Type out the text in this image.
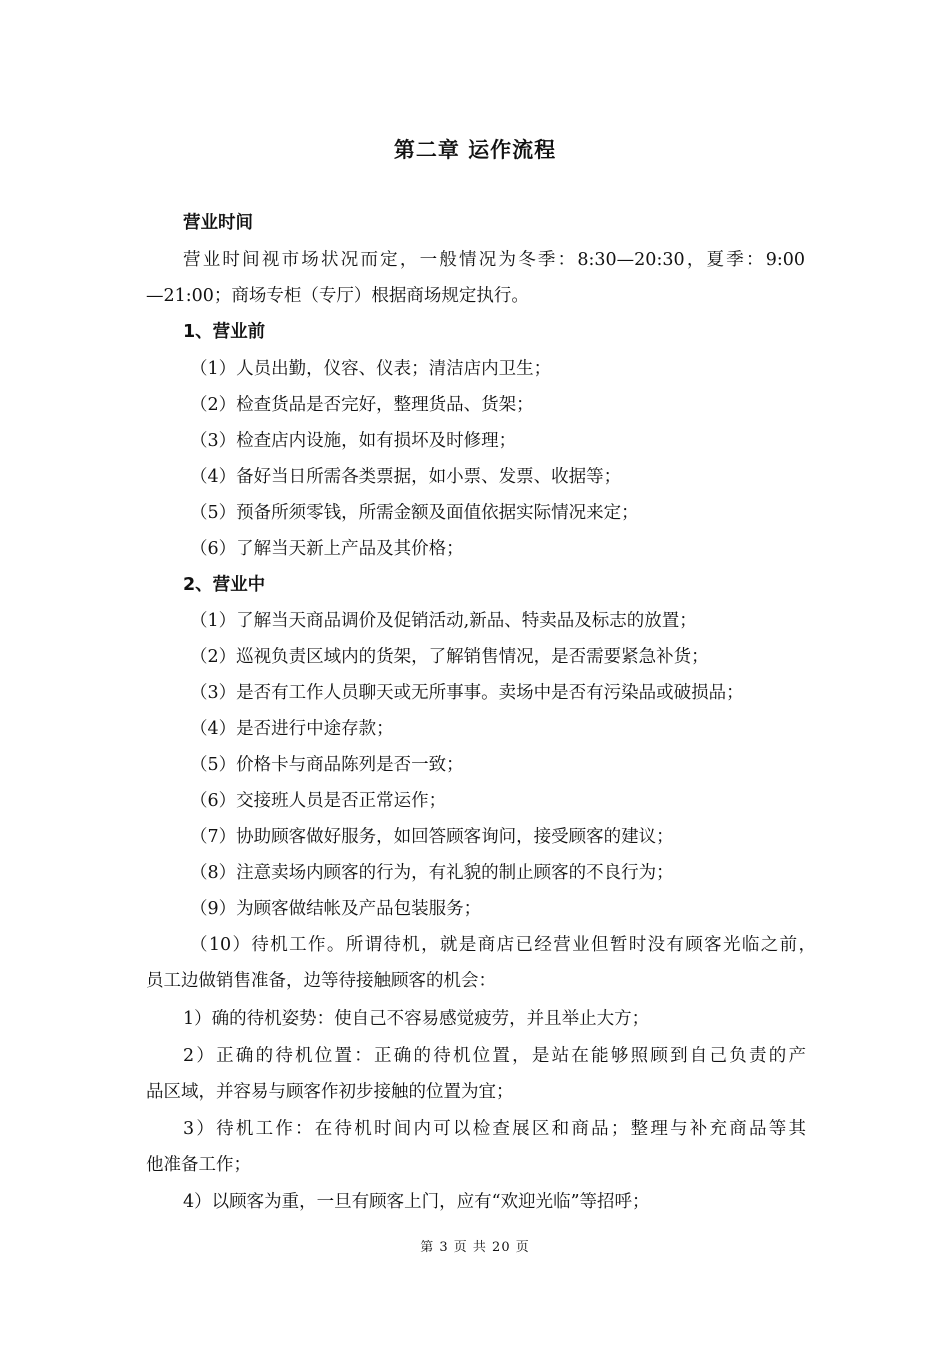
第二章 运作流程
营业时间
营业时间视市场状况而定，一般情况为冬季：8:30—20:30，夏季：9:00
—21:00；商场专柜（专厅）根据商场规定执行。
1、营业前
（1）人员出勤，仪容、仪表；清洁店内卫生；
（2）检查货品是否完好，整理货品、货架；
（3）检查店内设施，如有损坏及时修理；
（4）备好当日所需各类票据，如小票、发票、收据等；
（5）预备所须零钱，所需金额及面值依据实际情况来定；
（6）了解当天新上产品及其价格；
2、营业中
（1）了解当天商品调价及促销活动,新品、特卖品及标志的放置；
（2）巡视负责区域内的货架，了解销售情况，是否需要紧急补货；
（3）是否有工作人员聊天或无所事事。卖场中是否有污染品或破损品；
（4）是否进行中途存款；
（5）价格卡与商品陈列是否一致；
（6）交接班人员是否正常运作；
（7）协助顾客做好服务，如回答顾客询问，接受顾客的建议；
（8）注意卖场内顾客的行为，有礼貌的制止顾客的不良行为；
（9）为顾客做结帐及产品包装服务；
（10）待机工作。所谓待机，就是商店已经营业但暂时没有顾客光临之前，
员工边做销售准备，边等待接触顾客的机会：
1）确的待机姿势：使自己不容易感觉疲劳，并且举止大方；
2）正确的待机位置：正确的待机位置，是站在能够照顾到自己负责的产
品区域，并容易与顾客作初步接触的位置为宜；
3）待机工作：在待机时间内可以检查展区和商品；整理与补充商品等其
他准备工作；
4）以顾客为重，一旦有顾客上门，应有“欢迎光临”等招呼；
第 3 页 共 20 页
